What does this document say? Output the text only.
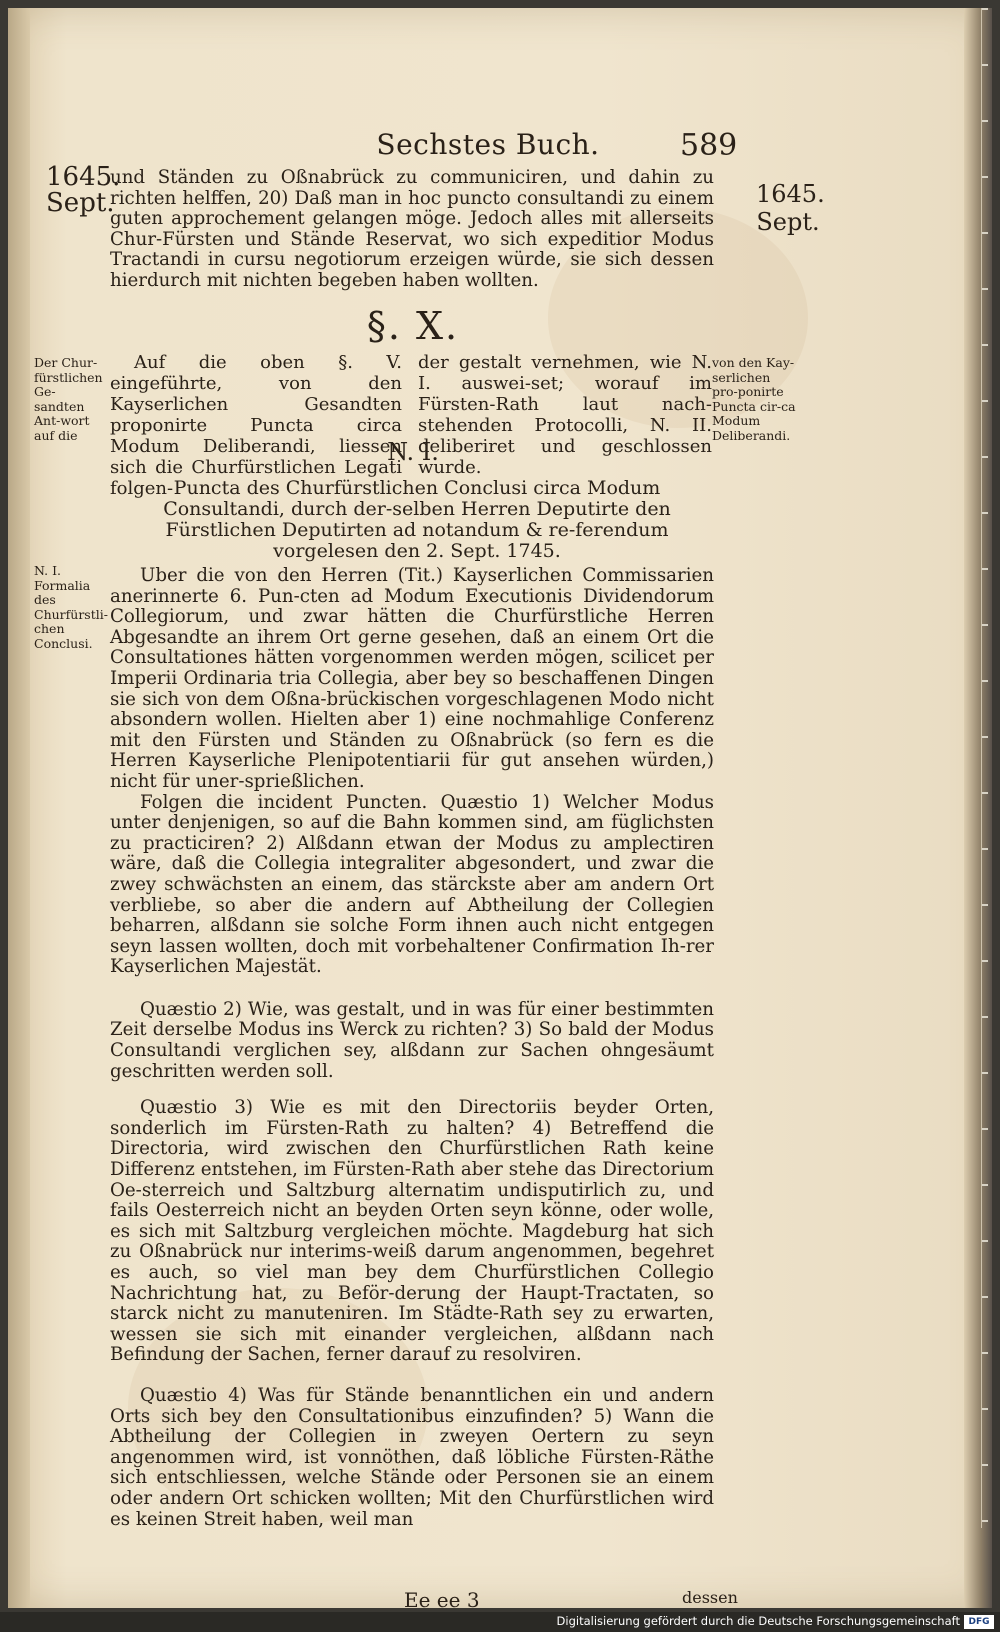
Sechstes Buch.	589
1645.
Sept.	1645.
Sept.
und Ständen zu Oßnabrück zu communiciren, und dahin zu richten helffen, 20) Daß man in hoc puncto consultandi zu einem guten approchement gelangen möge. Jedoch alles mit allerseits Chur-Fürsten und Stände Reservat, wo sich expeditior Modus Tractandi in cursu negotiorum erzeigen würde, sie sich dessen hierdurch mit nichten begeben haben wollten.
§. X.
Der Chur-fürstlichen Ge-sandten Ant-wort auf die
von den Kay-serlichen pro-ponirte Puncta cir-ca Modum Deliberandi.
Auf die oben §. V. eingeführte, von den Kayserlichen Gesandten proponirte Puncta circa Modum Deliberandi, liessen sich die Churfürstlichen Legati folgen-
der gestalt vernehmen, wie N. I. auswei-set; worauf im Fürsten-Rath laut nach-stehenden Protocolli, N. II. deliberiret und geschlossen wurde.
N. I.
Puncta des Churfürstlichen Conclusi circa Modum Consultandi, durch der-selben Herren Deputirte den Fürstlichen Deputirten ad notandum & re-ferendum vorgelesen den 2. Sept. 1745.
N. I. Formalia des Churfürstli-chen Conclusi.
Uber die von den Herren (Tit.) Kayserlichen Commissarien anerinnerte 6. Pun-cten ad Modum Executionis Dividendorum Collegiorum, und zwar hätten die Churfürstliche Herren Abgesandte an ihrem Ort gerne gesehen, daß an einem Ort die Consultationes hätten vorgenommen werden mögen, scilicet per Imperii Ordinaria tria Collegia, aber bey so beschaffenen Dingen sie sich von dem Oßna-brückischen vorgeschlagenen Modo nicht absondern wollen. Hielten aber 1) eine nochmahlige Conferenz mit den Fürsten und Ständen zu Oßnabrück (so fern es die Herren Kayserliche Plenipotentiarii für gut ansehen würden,) nicht für uner-sprießlichen.
Folgen die incident Puncten. Quæstio 1) Welcher Modus unter denjenigen, so auf die Bahn kommen sind, am füglichsten zu practiciren? 2) Alßdann etwan der Modus zu amplectiren wäre, daß die Collegia integraliter abgesondert, und zwar die zwey schwächsten an einem, das stärckste aber am andern Ort verbliebe, so aber die andern auf Abtheilung der Collegien beharren, alßdann sie solche Form ihnen auch nicht entgegen seyn lassen wollten, doch mit vorbehaltener Confirmation Ih-rer Kayserlichen Majestät.
Quæstio 2) Wie, was gestalt, und in was für einer bestimmten Zeit derselbe Modus ins Werck zu richten? 3) So bald der Modus Consultandi verglichen sey, alßdann zur Sachen ohngesäumt geschritten werden soll.
Quæstio 3) Wie es mit den Directoriis beyder Orten, sonderlich im Fürsten-Rath zu halten? 4) Betreffend die Directoria, wird zwischen den Churfürstlichen Rath keine Differenz entstehen, im Fürsten-Rath aber stehe das Directorium Oe-sterreich und Saltzburg alternatim undisputirlich zu, und fails Oesterreich nicht an beyden Orten seyn könne, oder wolle, es sich mit Saltzburg vergleichen möchte. Magdeburg hat sich zu Oßnabrück nur interims-weiß darum angenommen, begehret es auch, so viel man bey dem Churfürstlichen Collegio Nachrichtung hat, zu Beför-derung der Haupt-Tractaten, so starck nicht zu manuteniren. Im Städte-Rath sey zu erwarten, wessen sie sich mit einander vergleichen, alßdann nach Befindung der Sachen, ferner darauf zu resolviren.
Quæstio 4) Was für Stände benanntlichen ein und andern Orts sich bey den Consultationibus einzufinden? 5) Wann die Abtheilung der Collegien in zweyen Oertern zu seyn angenommen wird, ist vonnöthen, daß löbliche Fürsten-Räthe sich entschliessen, welche Stände oder Personen sie an einem oder andern Ort schicken wollten; Mit den Churfürstlichen wird es keinen Streit haben, weil man
Ee ee 3	dessen
Digitalisierung gefördert durch die Deutsche Forschungsgemeinschaft DFG
